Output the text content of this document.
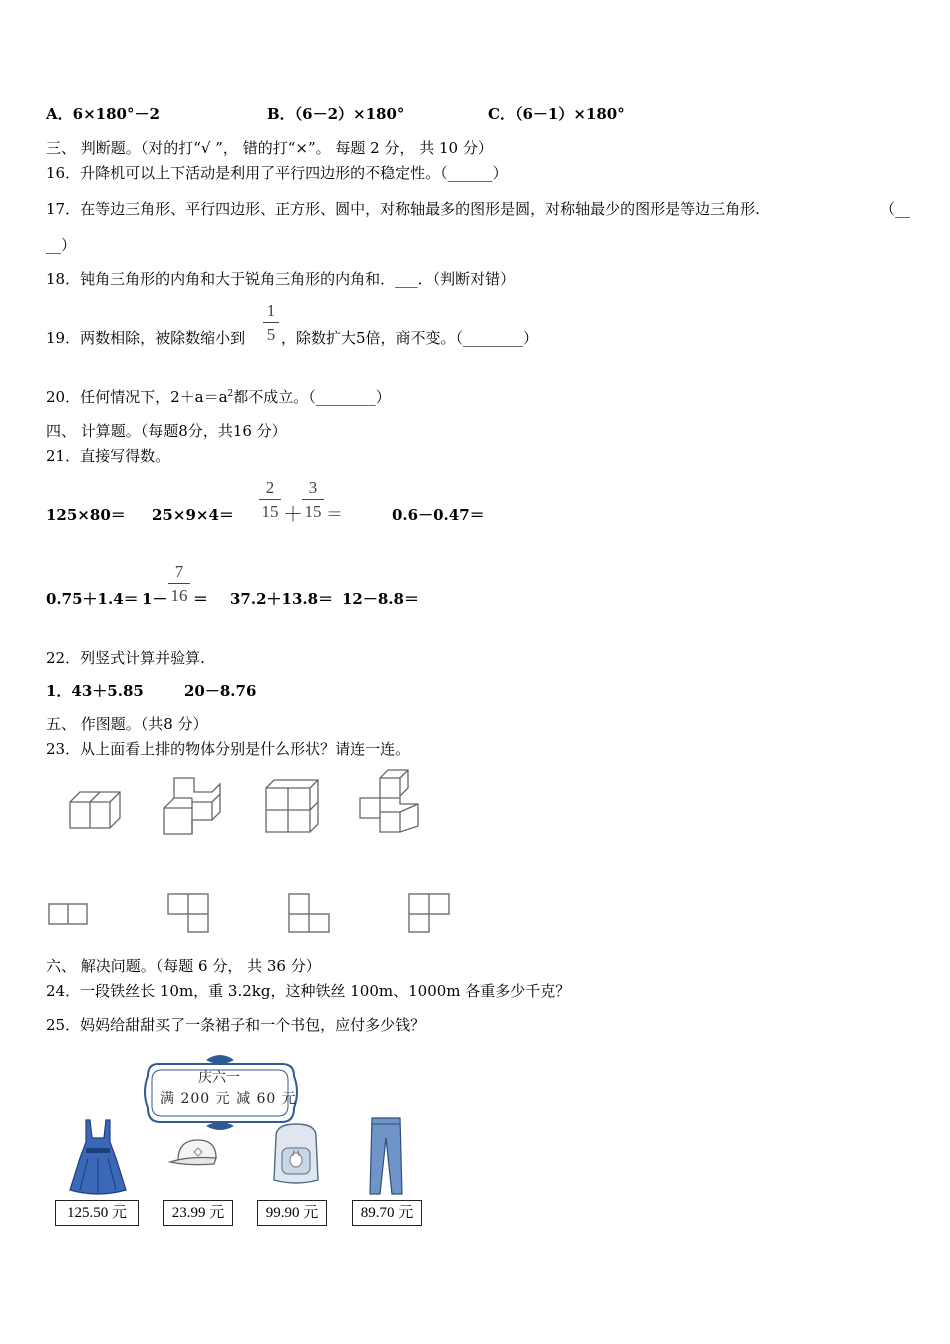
A．6×180°－2	B．（6－2）×180°	C．（6－1）×180°
三、 判断题。（对的打“√ ”， 错的打“×”。 每题 2 分， 共 10 分）
16．升降机可以上下活动是利用了平行四边形的不稳定性。（______）
17．在等边三角形、平行四边形、正方形、圆中，对称轴最多的图形是圆，对称轴最少的图形是等边三角形.	（__
__）
18．钝角三角形的内角和大于锐角三角形的内角和．___．（判断对错）
19．两数相除，被除数缩小到
1
5 ，除数扩大5倍，商不变。（________）
20．任何情况下，$2+a=a^2$都不成立。（________）
四、 计算题。（每题8分，共16 分）
21．直接写得数。
125×80＝ 25×9×4＝
2
15 ＋
3
15 ＝	0.6－0.47＝
0.75＋1.4＝ 1－
7
16 ＝ 37.2＋13.8＝ 12－8.8＝
22．列竖式计算并验算.
1．43＋5.85	20－8.76
五、 作图题。（共8 分）
23．从上面看上排的物体分别是什么形状？请连一连。
六、 解决问题。（每题 6 分， 共 36 分）
24．一段铁丝长 10m，重 3.2kg，这种铁丝 100m、1000m 各重多少千克？
25．妈妈给甜甜买了一条裙子和一个书包，应付多少钱？
庆六一
满 200 元 减 60 元
125.50 元	23.99 元	99.90 元	89.70 元
